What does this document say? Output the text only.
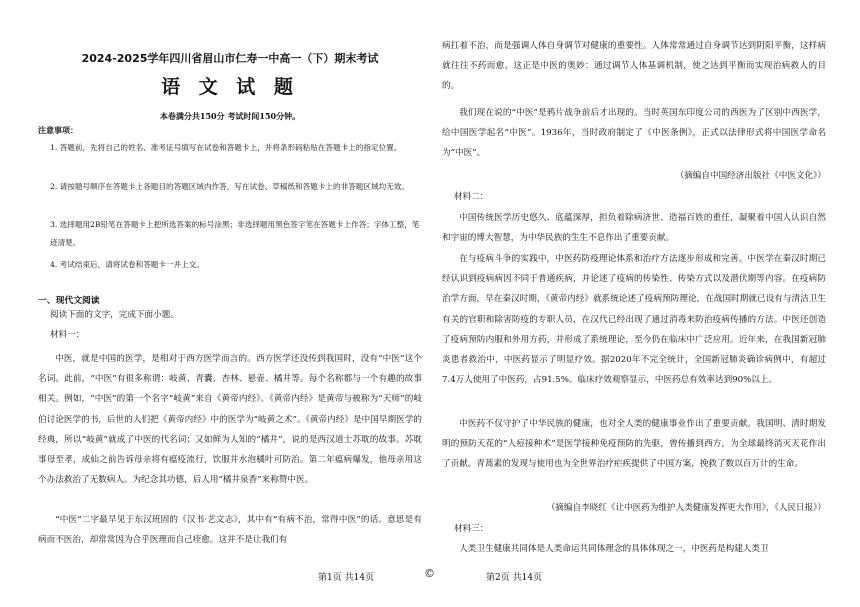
2024-2025学年四川省眉山市仁寿一中高一（下）期末考试
语 文 试 题
本卷满分共150分 考试时间150分钟。
注意事项：

1. 答题前，先将自己的姓名、准考证号填写在试卷和答题卡上，并将条形码粘贴在答题卡上的指定位置。

2. 请按题号顺序在答题卡上各题目的答题区域内作答，写在试卷、草稿纸和答题卡上的非答题区域均无效。

3. 选择题用2B铅笔在答题卡上把所选答案的标号涂黑；非选择题用黑色签字笔在答题卡上作答；字体工整，笔迹清楚。

4. 考试结束后，请将试卷和答题卡一并上交。

一、现代文阅读

阅读下面的文字，完成下面小题。

材料一：

中医，就是中国的医学，是相对于西方医学而言的。西方医学还没传到我国时，没有“中医”这个名词。此前，“中医”有很多称谓：岐黄、青囊、杏林、悬壶、橘井等。每个名称都与一个有趣的故事相关。例如，“中医”的第一个名字“岐黄”来自《黄帝内经》。《黄帝内经》是黄帝与被称为“天师”的岐伯讨论医学的书，后世的人们把《黄帝内经》中的医学为“岐黄之术”。《黄帝内经》是中国早期医学的经典，所以“岐黄”就成了中医的代名词；又如鲜为人知的“橘井”，说的是西汉道士苏耽的故事。苏耽事母至孝，成仙之前告诉母亲将有瘟疫流行，饮服井水泡橘叶可防治。第二年瘟病爆发，他母亲用这个办法救治了无数病人。为纪念其功德，后人用“橘井泉香”来称赞中医。

“中医”二字最早见于东汉班固的《汉书·艺文志》，其中有“有病不治，常得中医”的话。意思是有病而不医治，却常常因为合乎医理而自己痊愈。这并不是让我们有

病扛着不治，而是强调人体自身调节对健康的重要性。人体常常通过自身调节达到阴阳平衡，这样病就往往不药而愈。这正是中医的奥妙：通过调节人体基调机制，使之达到平衡而实现治病救人的目的。

我们现在说的“中医”是鸦片战争前后才出现的。当时英国东印度公司的西医为了区别中西医学，给中国医学起名“中医”。1936年，当时政府制定了《中医条例》，正式以法律形式将中国医学命名为“中医”。

（摘编自中国经济出版社《中医文化》）

材料二：

中国传统医学历史悠久、底蕴深厚，担负着除病济世、造福百姓的重任，凝聚着中国人认识自然和宇宙的博大智慧，为中华民族的生生不息作出了重要贡献。

在与疫病斗争的实践中，中医药防疫理论体系和治疗方法逐步形成和完善。中医学在秦汉时期已经认识到疫病病因不同于普通疾病，并论述了疫病的传染性、传染方式以及潜伏期等内容。在疫病防治学方面，早在秦汉时期，《黄帝内经》就系统论述了疫病预防理论，在战国时期就已设有与清洁卫生有关的官职和除害防疫的专职人员，在汉代已经出现了通过消毒来防治疫病传播的方法。中医还创造了疫病预防内服和外用方药，并形成了系统理论，至今仍在临床中广泛应用。近年来，在我国新冠肺炎患者救治中，中医药显示了明显疗效。据2020年不完全统计，全国新冠肺炎确诊病例中，有超过7.4万人使用了中医药，占91.5%。临床疗效观察显示，中医药总有效率达到90%以上。

中医药不仅守护了中华民族的健康，也对全人类的健康事业作出了重要贡献。我国明、清时期发明的预防天花的“人痘接种术”是医学接种免疫预防的先驱，曾传播到西方，为全球最终消灭天花作出了贡献。青蒿素的发现与使用也为全世界治疗疟疾提供了中国方案，挽救了数以百万计的生命。

（摘编自李晓红《让中医药为维护人类健康发挥更大作用》，《人民日报》）

材料三：

人类卫生健康共同体是人类命运共同体理念的具体体现之一，中医药是构建人类卫

第1页 共14页	©	第2页 共14页
